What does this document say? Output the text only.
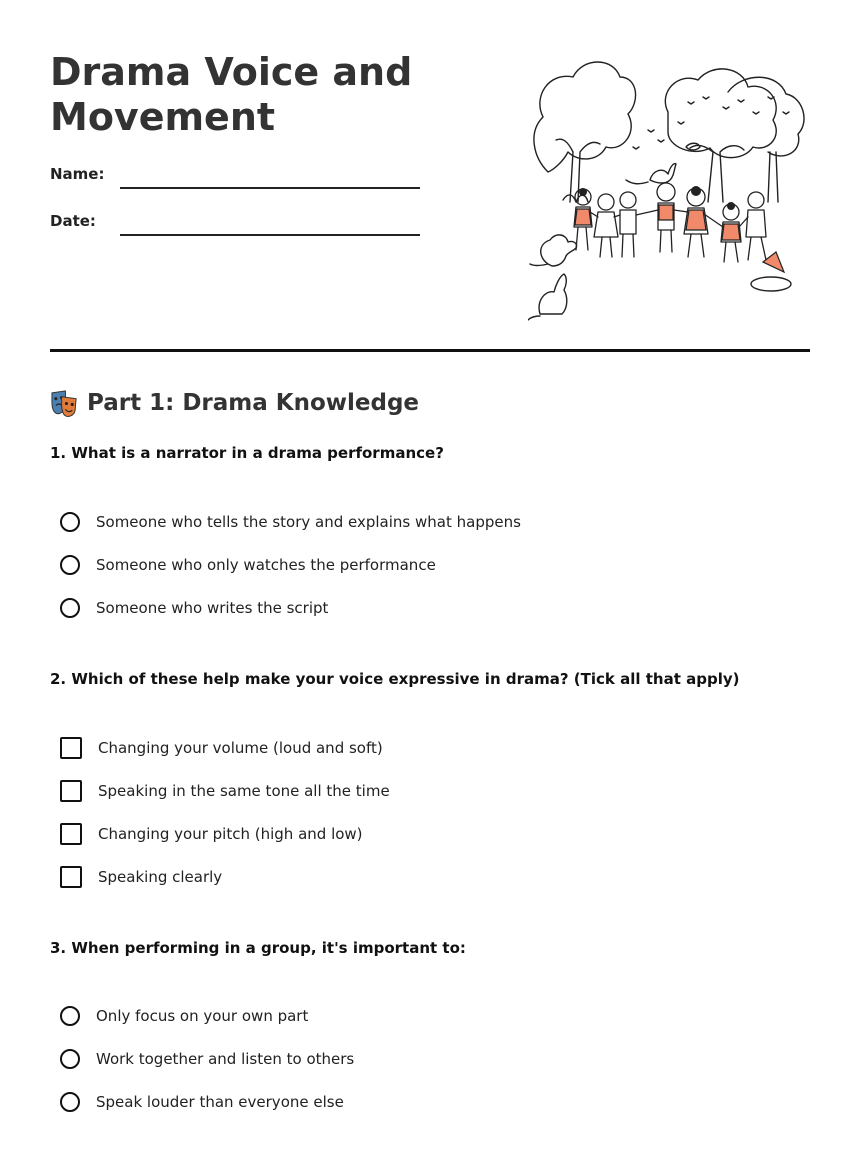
Drama Voice and
Movement
Name:
Date:
Part 1: Drama Knowledge

1. What is a narrator in a drama performance?

Someone who tells the story and explains what happens
Someone who only watches the performance
Someone who writes the script

2. Which of these help make your voice expressive in drama? (Tick all that apply)

Changing your volume (loud and soft)
Speaking in the same tone all the time
Changing your pitch (high and low)
Speaking clearly

3. When performing in a group, it's important to:

Only focus on your own part
Work together and listen to others
Speak louder than everyone else
